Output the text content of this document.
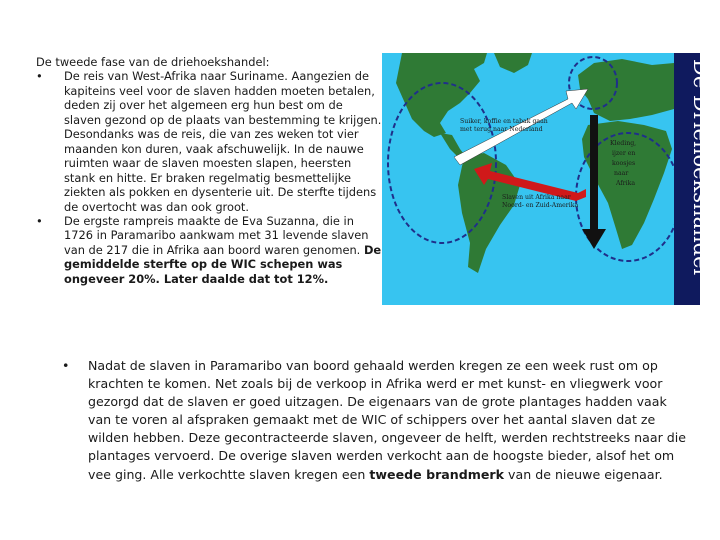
De tweede fase van de driehoekshandel:

• De reis van West-Afrika naar Suriname. Aangezien de kapiteins veel voor de slaven hadden moeten betalen, deden zij over het algemeen erg hun best om de slaven gezond op de plaats van bestemming te krijgen. Desondanks was de reis, die van zes weken tot vier maanden kon duren, vaak afschuwelijk. In de nauwe ruimten waar de slaven moesten slapen, heersten stank en hitte. Er braken regelmatig besmettelijke ziekten als pokken en dysenterie uit. De sterfte tijdens de overtocht was dan ook groot.
• De ergste rampreis maakte de Eva Suzanna, die in 1726 in Paramaribo aankwam met 31 levende slaven van de 217 die in Afrika aan boord waren genomen. De gemiddelde sterfte op de WIC schepen was ongeveer 20%. Later daalde dat tot 12%.
Suiker, koffie en tabak gaan
met terug naar Nederland
Kleding,
ijzer en
koosjes
naar
Afrika
Slaven uit Afrika naar
Noord- en Zuid-Amerika	De Driehoekshandel
• Nadat de slaven in Paramaribo van boord gehaald werden kregen ze een week rust om op krachten te komen. Net zoals bij de verkoop in Afrika werd er met kunst- en vliegwerk voor gezorgd dat de slaven er goed uitzagen. De eigenaars van de grote plantages hadden vaak van te voren al afspraken gemaakt met de WIC of schippers over het aantal slaven dat ze wilden hebben. Deze gecontracteerde slaven, ongeveer de helft, werden rechtstreeks naar die plantages vervoerd. De overige slaven werden verkocht aan de hoogste bieder, alsof het om vee ging. Alle verkochtte slaven kregen een tweede brandmerk van de nieuwe eigenaar.
